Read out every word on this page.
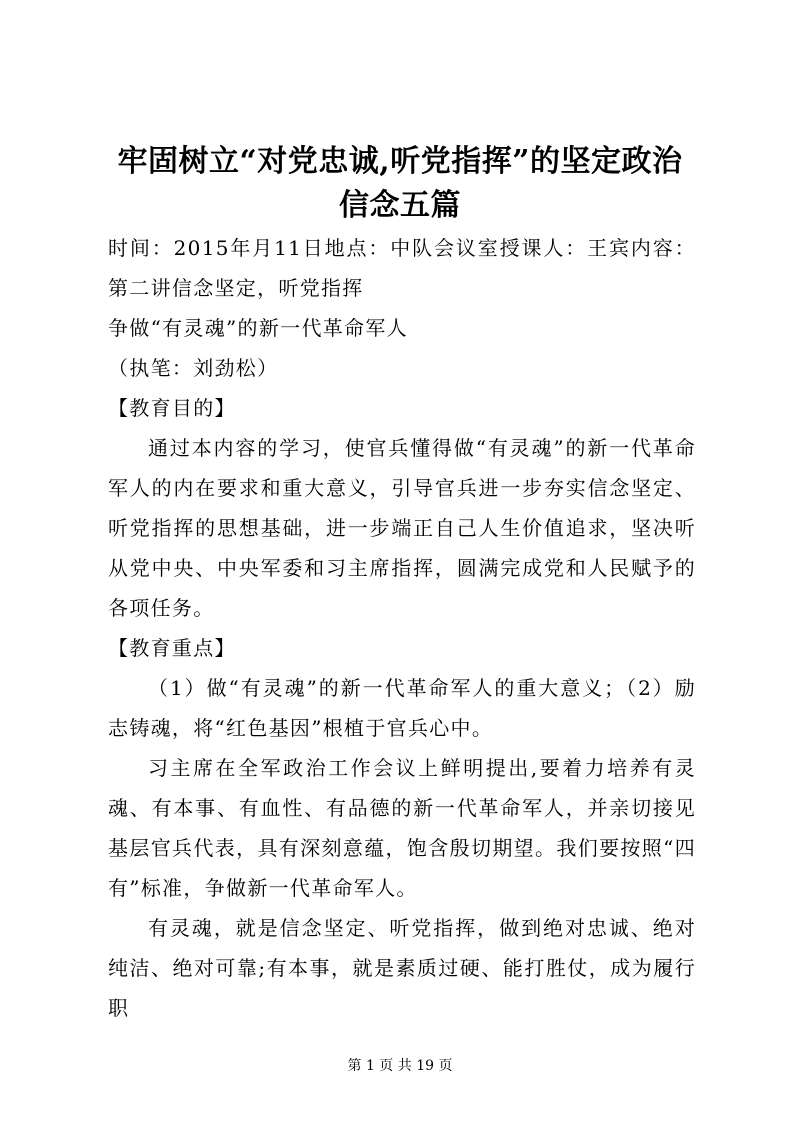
牢固树立“对党忠诚,听党指挥”的坚定政治
信念五篇

时间：2015年月11日地点：中队会议室授课人：王宾内容：第二讲信念坚定，听党指挥

争做“有灵魂”的新一代革命军人

（执笔：刘劲松）

【教育目的】

通过本内容的学习，使官兵懂得做“有灵魂”的新一代革命军人的内在要求和重大意义，引导官兵进一步夯实信念坚定、听党指挥的思想基础，进一步端正自己人生价值追求，坚决听从党中央、中央军委和习主席指挥，圆满完成党和人民赋予的各项任务。

【教育重点】

（1）做“有灵魂”的新一代革命军人的重大意义；（2）励志铸魂，将“红色基因”根植于官兵心中。

习主席在全军政治工作会议上鲜明提出,要着力培养有灵魂、有本事、有血性、有品德的新一代革命军人，并亲切接见基层官兵代表，具有深刻意蕴，饱含殷切期望。我们要按照“四有”标准，争做新一代革命军人。

有灵魂，就是信念坚定、听党指挥，做到绝对忠诚、绝对纯洁、绝对可靠;有本事，就是素质过硬、能打胜仗，成为履行职

第 1 页 共 19 页
